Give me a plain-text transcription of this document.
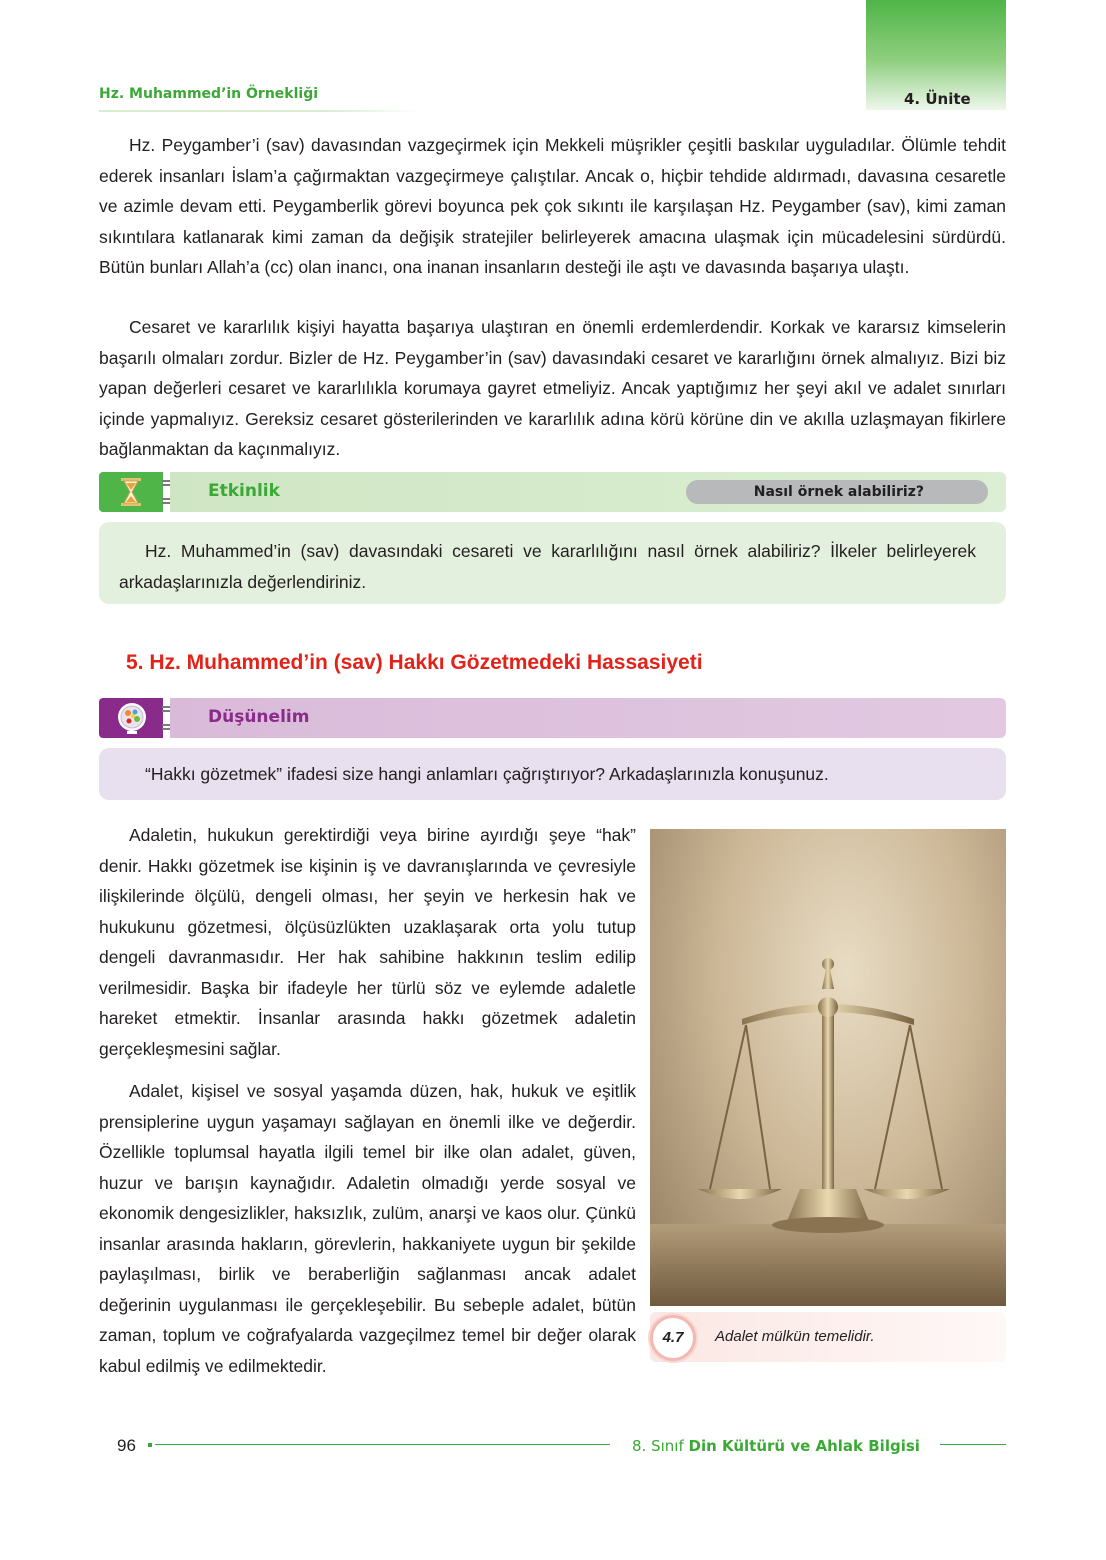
4. Ünite
Hz. Muhammed’in Örnekliği

Hz. Peygamber’i (sav) davasından vazgeçirmek için Mekkeli müşrikler çeşitli baskılar uyguladılar. Ölümle tehdit ederek insanları İslam’a çağırmaktan vazgeçirmeye çalıştılar. Ancak o, hiçbir tehdide aldırmadı, davasına cesaretle ve azimle devam etti. Peygamberlik görevi boyunca pek çok sıkıntı ile karşılaşan Hz. Peygamber (sav), kimi zaman sıkıntılara katlanarak kimi zaman da değişik stratejiler belirleyerek amacına ulaşmak için mücadelesini sürdürdü. Bütün bunları Allah’a (cc) olan inancı, ona inanan insanların desteği ile aştı ve davasında başarıya ulaştı.

Cesaret ve kararlılık kişiyi hayatta başarıya ulaştıran en önemli erdemlerdendir. Korkak ve kararsız kimselerin başarılı olmaları zordur. Bizler de Hz. Peygamber’in (sav) davasındaki cesaret ve kararlığını örnek almalıyız. Bizi biz yapan değerleri cesaret ve kararlılıkla korumaya gayret etmeliyiz. Ancak yaptığımız her şeyi akıl ve adalet sınırları içinde yapmalıyız. Gereksiz cesaret gösterilerinden ve kararlılık adına körü körüne din ve akılla uzlaşmayan fikirlere bağlanmaktan da kaçınmalıyız.

Etkinlik	Nasıl örnek alabiliriz?
Hz. Muhammed’in (sav) davasındaki cesareti ve kararlılığını nasıl örnek alabiliriz? İlkeler belirleyerek arkadaşlarınızla değerlendiriniz.
5. Hz. Muhammed’in (sav) Hakkı Gözetmedeki Hassasiyeti
Düşünelim
“Hakkı gözetmek” ifadesi size hangi anlamları çağrıştırıyor? Arkadaşlarınızla konuşunuz.

Adaletin, hukukun gerektirdiği veya birine ayırdığı şeye “hak” denir. Hakkı gözetmek ise kişinin iş ve davranışlarında ve çevresiyle ilişkilerinde ölçülü, dengeli olması, her şeyin ve herkesin hak ve hukukunu gözetmesi, ölçüsüzlükten uzaklaşarak orta yolu tutup dengeli davranmasıdır. Her hak sahibine hakkının teslim edilip verilmesidir. Başka bir ifadeyle her türlü söz ve eylemde adaletle hareket etmektir. İnsanlar arasında hakkı gözetmek adaletin gerçekleşmesini sağlar.

Adalet, kişisel ve sosyal yaşamda düzen, hak, hukuk ve eşitlik prensiplerine uygun yaşamayı sağlayan en önemli ilke ve değerdir. Özellikle toplumsal hayatla ilgili temel bir ilke olan adalet, güven, huzur ve barışın kaynağıdır. Adaletin olmadığı yerde sosyal ve ekonomik dengesizlikler, haksızlık, zulüm, anarşi ve kaos olur. Çünkü insanlar arasında hakların, görevlerin, hakkaniyete uygun bir şekilde paylaşılması, birlik ve beraberliğin sağlanması ancak adalet değerinin uygulanması ile gerçekleşebilir. Bu sebeple adalet, bütün zaman, toplum ve coğrafyalarda vazgeçilmez temel bir değer olarak kabul edilmiş ve edilmektedir.

4.7	Adalet mülkün temelidir.
96	8. Sınıf Din Kültürü ve Ahlak Bilgisi
